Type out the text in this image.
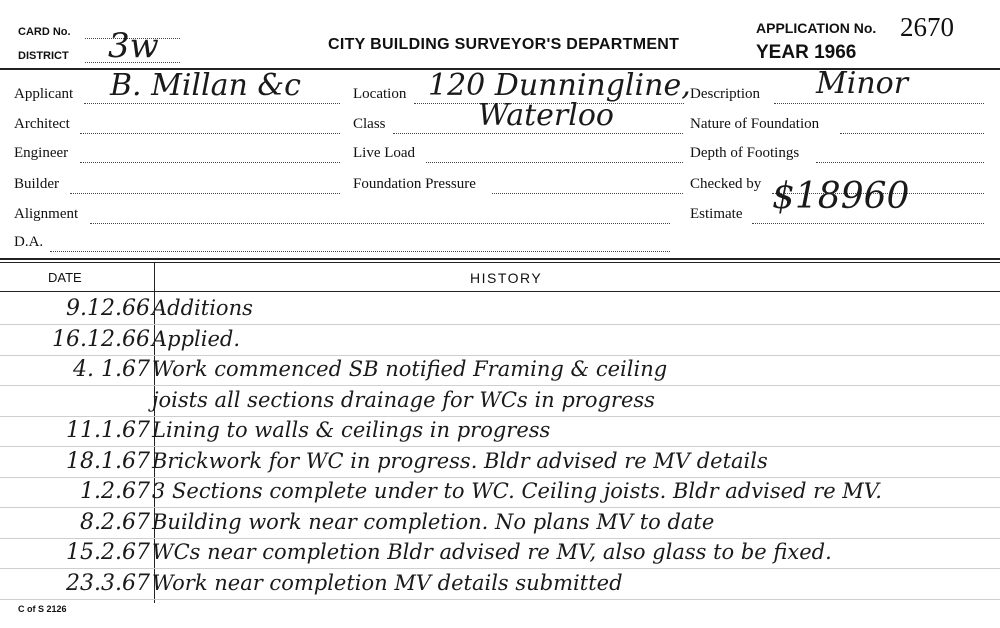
CARD No.
DISTRICT 3w	CITY BUILDING SURVEYOR'S DEPARTMENT
APPLICATION No. 2670
YEAR 1966
Applicant B. Millan &c
Architect
Engineer
Builder
Alignment
D.A.
Location 120 Dunningline,
Waterloo
Class
Live Load
Foundation Pressure
Description Minor
Nature of Foundation
Depth of Footings
Checked by
Estimate $18960
DATE	HISTORY
9.12.66 Additions
16.12.66 Applied.
4. 1.67 Work commenced SB notified Framing & ceiling
joists all sections drainage for WCs in progress
11.1.67 Lining to walls & ceilings in progress
18.1.67 Brickwork for WC in progress. Bldr advised re MV details
1.2.67 3 Sections complete under to WC. Ceiling joists. Bldr advised re MV.
8.2.67 Building work near completion. No plans MV to date
15.2.67 WCs near completion Bldr advised re MV, also glass to be fixed.
23.3.67 Work near completion MV details submitted
C of S 2126
